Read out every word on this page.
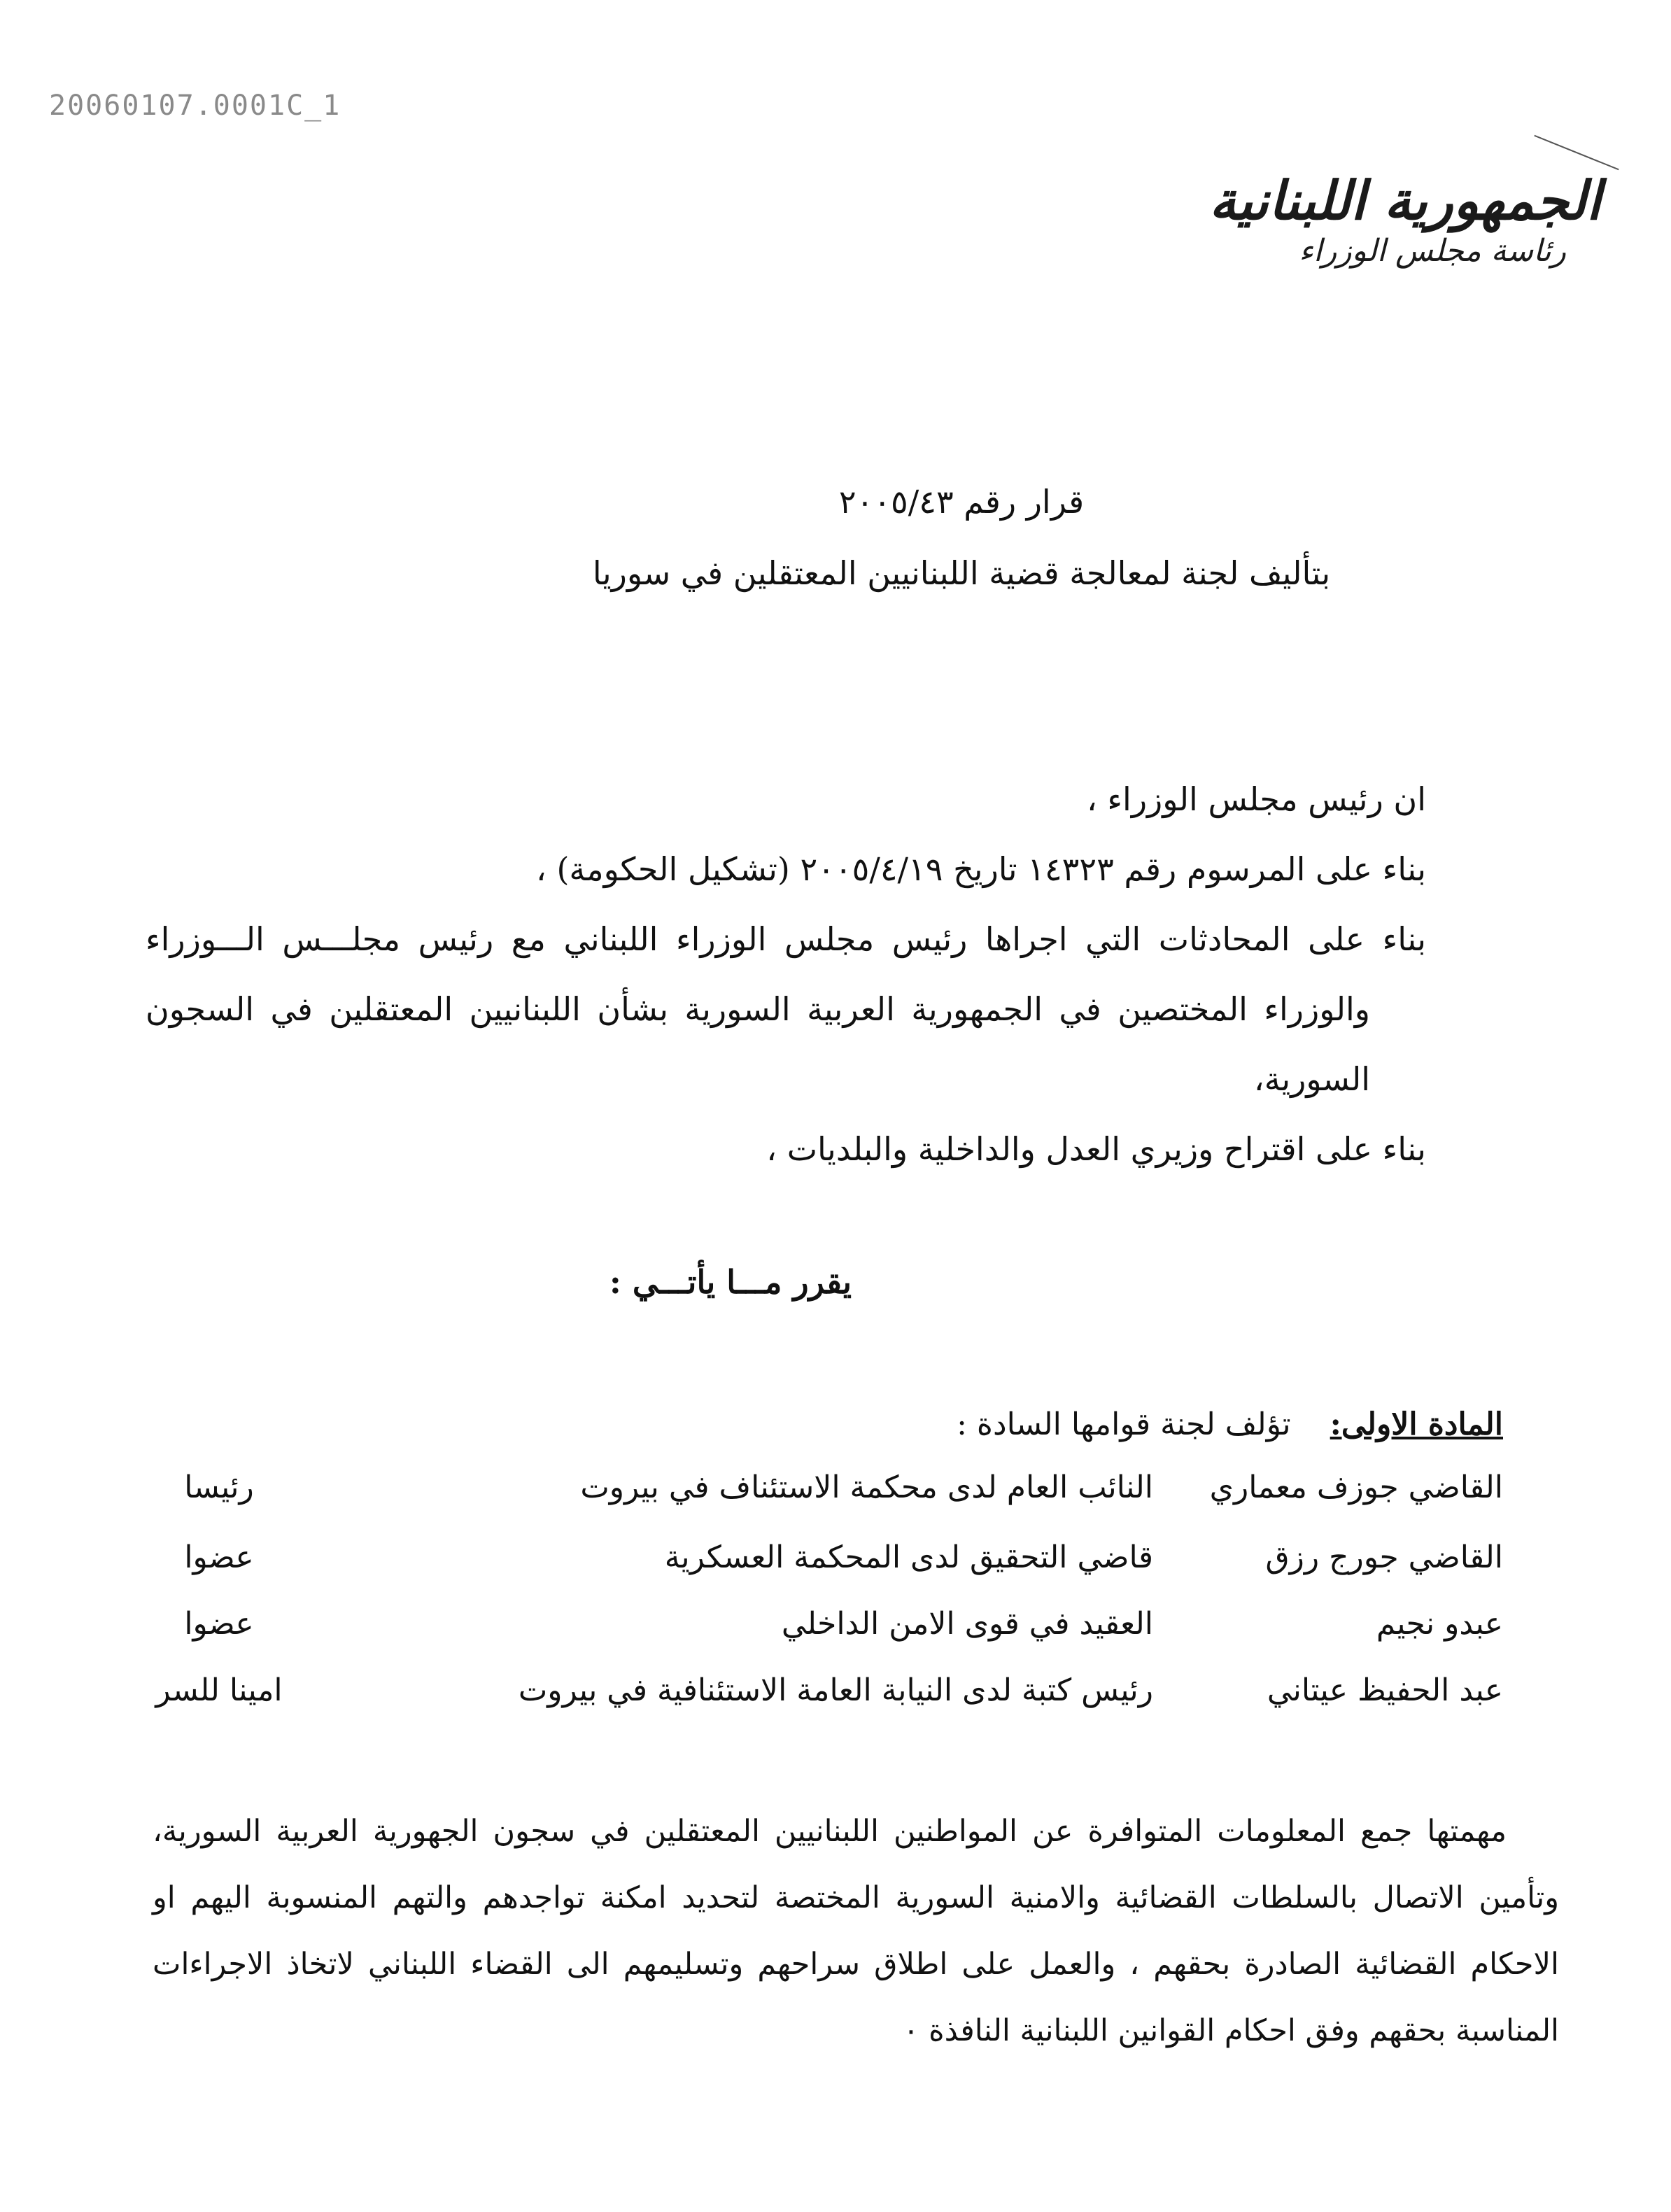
20060107.0001C_1
الجمهورية اللبنانية
رئاسة مجلس الوزراء
قرار رقم ٢٠٠٥/٤٣
بتأليف لجنة لمعالجة قضية اللبنانيين المعتقلين في سوريا
ان رئيس مجلس الوزراء ،
بناء على المرسوم رقم ١٤٣٢٣ تاريخ ٢٠٠٥/٤/١٩ (تشكيل الحكومة) ،
بناء على المحادثات التي اجراها رئيس مجلس الوزراء اللبناني مع رئيس مجلـــس الـــوزراء
والوزراء المختصين في الجمهورية العربية السورية بشأن اللبنانيين المعتقلين في السجون
السورية،
بناء على اقتراح وزيري العدل والداخلية والبلديات ،
يقرر مـــا يأتـــي :
المادة الاولى:    تؤلف لجنة قوامها السادة :
القاضي جوزف معماري
النائب العام لدى محكمة الاستئناف في بيروت
رئيسا
القاضي جورج رزق
قاضي التحقيق لدى المحكمة العسكرية
عضوا
عبدو نجيم
العقيد في قوى الامن الداخلي
عضوا
عبد الحفيظ عيتاني
رئيس كتبة لدى النيابة العامة الاستئنافية في بيروت
امينا للسر
مهمتها جمع المعلومات المتوافرة عن المواطنين اللبنانيين المعتقلين في سجون الجهورية العربية السورية،
وتأمين الاتصال بالسلطات القضائية والامنية السورية المختصة لتحديد امكنة تواجدهم والتهم المنسوبة اليهم او
الاحكام القضائية الصادرة بحقهم ، والعمل على اطلاق سراحهم وتسليمهم الى القضاء اللبناني لاتخاذ الاجراءات
المناسبة بحقهم وفق احكام القوانين اللبنانية النافذة ٠
